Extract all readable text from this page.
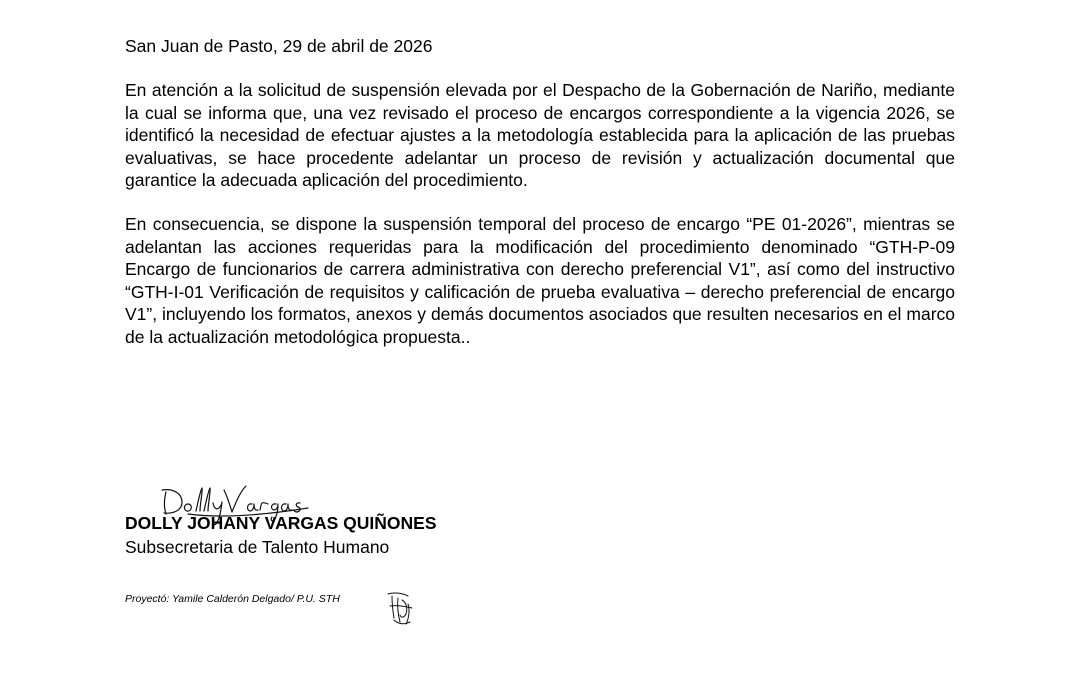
San Juan de Pasto, 29 de abril de 2026
En atención a la solicitud de suspensión elevada por el Despacho de la Gobernación de Nariño, mediante la cual se informa que, una vez revisado el proceso de encargos correspondiente a la vigencia 2026, se identificó la necesidad de efectuar ajustes a la metodología establecida para la aplicación de las pruebas evaluativas, se hace procedente adelantar un proceso de revisión y actualización documental que garantice la adecuada aplicación del procedimiento.
En consecuencia, se dispone la suspensión temporal del proceso de encargo “PE 01-2026”, mientras se adelantan las acciones requeridas para la modificación del procedimiento denominado “GTH-P-09 Encargo de funcionarios de carrera administrativa con derecho preferencial V1”, así como del instructivo “GTH-I-01 Verificación de requisitos y calificación de prueba evaluativa – derecho preferencial de encargo V1”, incluyendo los formatos, anexos y demás documentos asociados que resulten necesarios en el marco de la actualización metodológica propuesta..
DOLLY JOHANY VARGAS QUIÑONES
Subsecretaria de Talento Humano
Proyectó: Yamile Calderón Delgado/ P.U. STH
